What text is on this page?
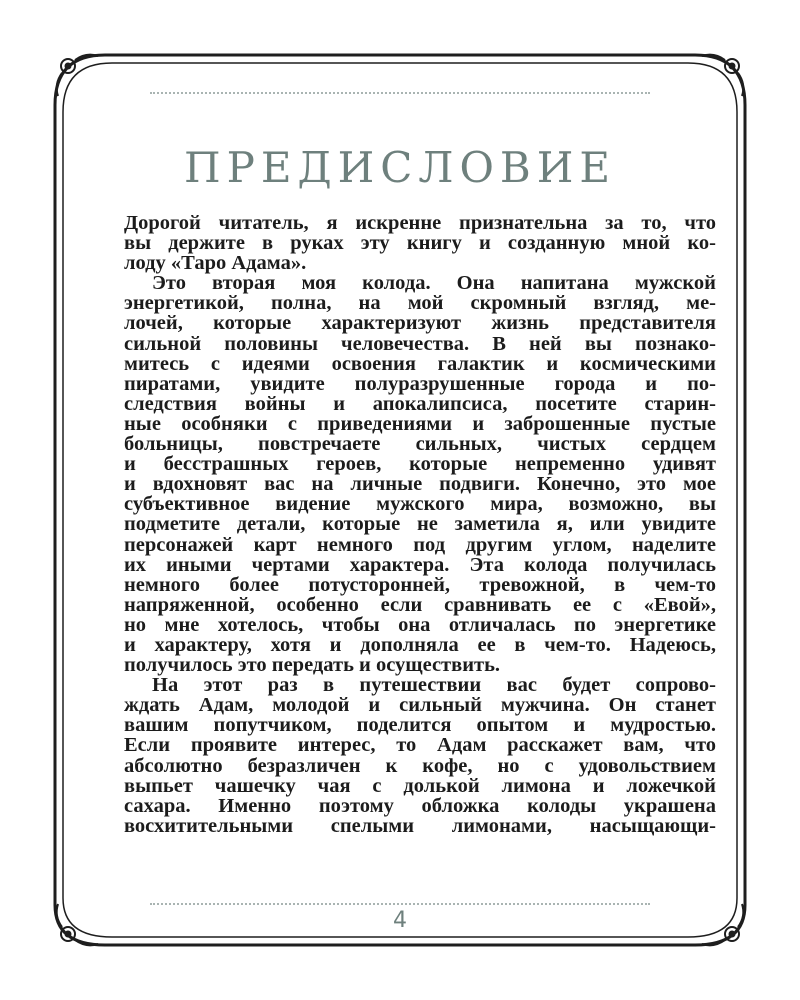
ПРЕДИСЛОВИЕ
Дорогой читатель, я искренне признательна за то, что
вы держите в руках эту книгу и созданную мной ко-
лоду «Таро Адама».
Это вторая моя колода. Она напитана мужской
энергетикой, полна, на мой скромный взгляд, ме-
лочей, которые характеризуют жизнь представителя
сильной половины человечества. В ней вы познако-
митесь с идеями освоения галактик и космическими
пиратами, увидите полуразрушенные города и по-
следствия войны и апокалипсиса, посетите старин-
ные особняки с приведениями и заброшенные пустые
больницы, повстречаете сильных, чистых сердцем
и бесстрашных героев, которые непременно удивят
и вдохновят вас на личные подвиги. Конечно, это мое
субъективное видение мужского мира, возможно, вы
подметите детали, которые не заметила я, или увидите
персонажей карт немного под другим углом, наделите
их иными чертами характера. Эта колода получилась
немного более потусторонней, тревожной, в чем-то
напряженной, особенно если сравнивать ее с «Евой»,
но мне хотелось, чтобы она отличалась по энергетике
и характеру, хотя и дополняла ее в чем-то. Надеюсь,
получилось это передать и осуществить.
На этот раз в путешествии вас будет сопрово-
ждать Адам, молодой и сильный мужчина. Он станет
вашим попутчиком, поделится опытом и мудростью.
Если проявите интерес, то Адам расскажет вам, что
абсолютно безразличен к кофе, но с удовольствием
выпьет чашечку чая с долькой лимона и ложечкой
сахара. Именно поэтому обложка колоды украшена
восхитительными спелыми лимонами, насыщающи-
4
